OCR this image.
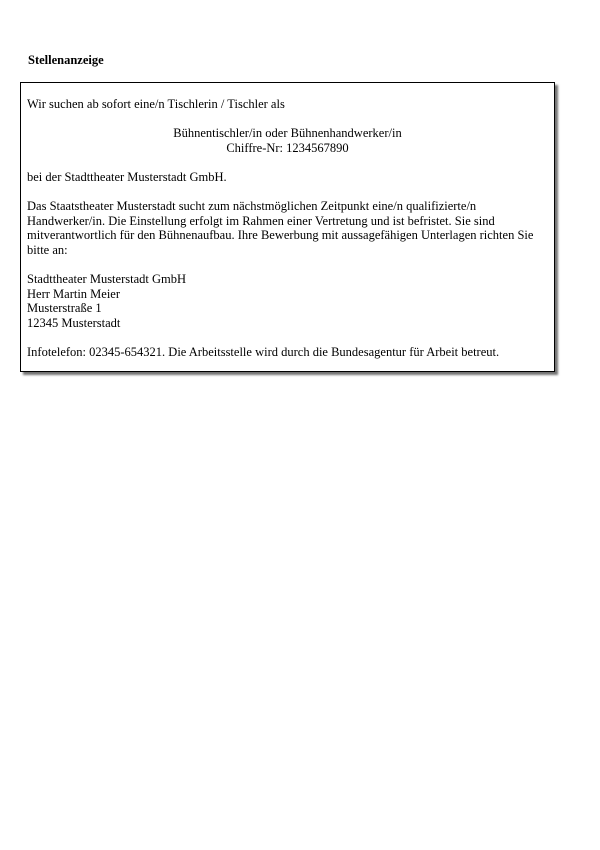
Stellenanzeige

Wir suchen ab sofort eine/n Tischlerin / Tischler als

Bühnentischler/in oder Bühnenhandwerker/in

Chiffre-Nr: 1234567890

bei der Stadttheater Musterstadt GmbH.

Das Staatstheater Musterstadt sucht zum nächstmöglichen Zeitpunkt eine/n qualifizierte/n

Handwerker/in. Die Einstellung erfolgt im Rahmen einer Vertretung und ist befristet. Sie sind

mitverantwortlich für den Bühnenaufbau. Ihre Bewerbung mit aussagefähigen Unterlagen richten Sie

bitte an:

Stadttheater Musterstadt GmbH

Herr Martin Meier

Musterstraße 1

12345 Musterstadt

Infotelefon: 02345-654321. Die Arbeitsstelle wird durch die Bundesagentur für Arbeit betreut.
